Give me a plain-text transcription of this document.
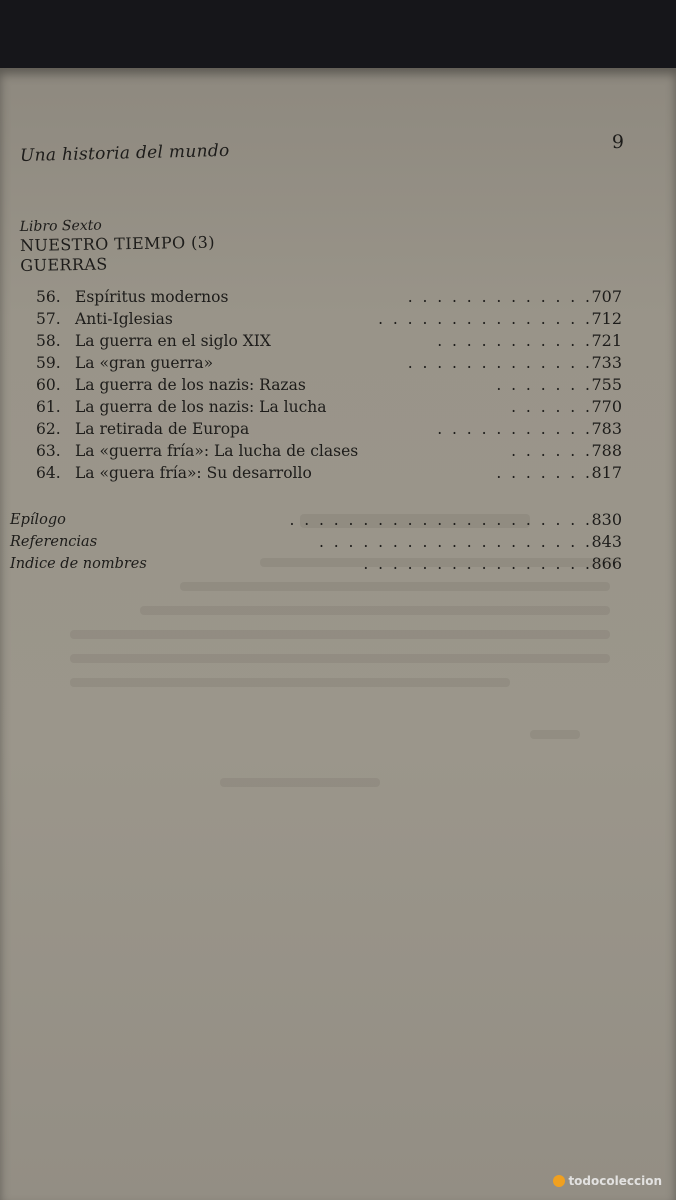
9
Una historia del mundo
Libro Sexto
NUESTRO TIEMPO (3)
GUERRAS
56. Espíritus modernos	.  .  .  .  .  .  .  .  .  .  .  .  . 707
57. Anti-Iglesias	.  .  .  .  .  .  .  .  .  .  .  .  .  .  . 712
58. La guerra en el siglo XIX	.  .  .  .  .  .  .  .  .  .  . 721
59. La «gran guerra»	.  .  .  .  .  .  .  .  .  .  .  .  . 733
60. La guerra de los nazis: Razas	.  .  .  .  .  .  . 755
61. La guerra de los nazis: La lucha	.  .  .  .  .  . 770
62. La retirada de Europa	.  .  .  .  .  .  .  .  .  .  . 783
63. La «guerra fría»: La lucha de clases	.  .  .  .  .  . 788
64. La «guera fría»: Su desarrollo	.  .  .  .  .  .  . 817
Epílogo	.  .  .  .  .  .  .  .  .  .  .  .  .  .  .  .  .  .  .  .  . 830
Referencias	.  .  .  .  .  .  .  .  .  .  .  .  .  .  .  .  .  .  . 843
Indice de nombres	.  .  .  .  .  .  .  .  .  .  .  .  .  .  .  . 866
todocoleccion
